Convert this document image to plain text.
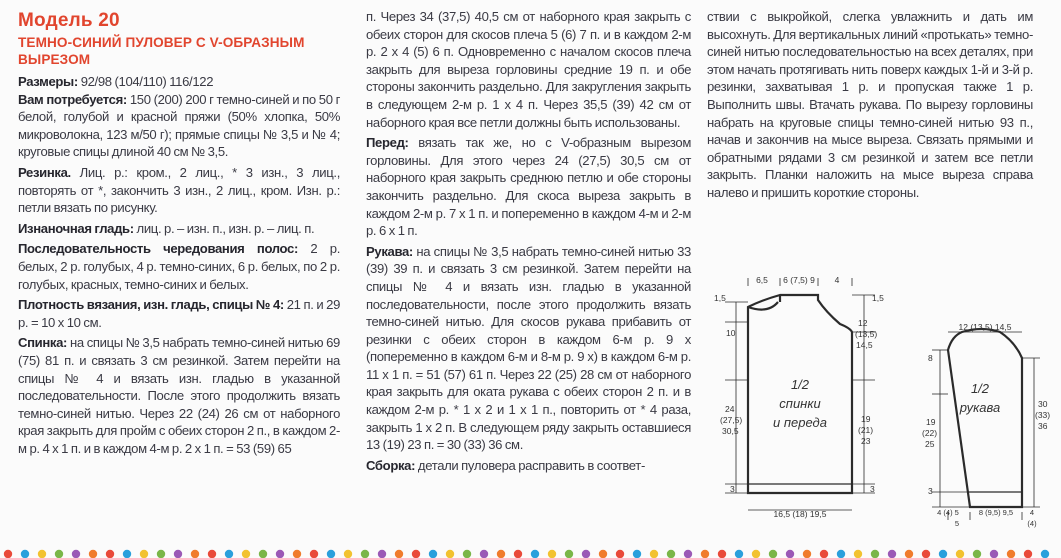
Модель 20
ТЕМНО-СИНИЙ ПУЛОВЕР С V-ОБРАЗНЫМ ВЫРЕЗОМ
Размеры: 92/98 (104/110) 116/122
Вам потребуется: 150 (200) 200 г темно-синей и по 50 г белой, голубой и красной пряжи (50% хлопка, 50% микроволокна, 123 м/50 г); прямые спицы № 3,5 и № 4; круговые спицы длиной 40 см № 3,5.
Резинка. Лиц. р.: кром., 2 лиц., * 3 изн., 3 лиц., повторять от *, закончить 3 изн., 2 лиц., кром. Изн. р.: петли вязать по рисунку.
Изнаночная гладь: лиц. р. – изн. п., изн. р. – лиц. п.
Последовательность чередования полос: 2 р. белых, 2 р. голубых, 4 р. темно-синих, 6 р. белых, по 2 р. голубых, красных, темно-синих и белых.
Плотность вязания, изн. гладь, спицы № 4: 21 п. и 29 р. = 10 х 10 см.
Спинка: на спицы № 3,5 набрать темно-синей нитью 69 (75) 81 п. и связать 3 см резинкой. Затем перейти на спицы № 4 и вязать изн. гладью в указанной последовательности. После этого продолжить вязать темно-синей нитью. Через 22 (24) 26 см от наборного края закрыть для пройм с обеих сторон 2 п., в каждом 2-м р. 4 х 1 п. и в каждом 4-м р. 2 х 1 п. = 53 (59) 65
п. Через 34 (37,5) 40,5 см от наборного края закрыть с обеих сторон для скосов плеча 5 (6) 7 п. и в каждом 2-м р. 2 х 4 (5) 6 п. Одновременно с началом скосов плеча закрыть для выреза горловины средние 19 п. и обе стороны закончить раздельно. Для закругления закрыть в следующем 2-м р. 1 х 4 п. Через 35,5 (39) 42 см от наборного края все петли должны быть использованы.
Перед: вязать так же, но с V-образным вырезом горловины. Для этого через 24 (27,5) 30,5 см от наборного края закрыть среднюю петлю и обе стороны закончить раздельно. Для скоса выреза закрыть в каждом 2-м р. 7 х 1 п. и попеременно в каждом 4-м и 2-м р. 6 х 1 п.
Рукава: на спицы № 3,5 набрать темно-синей нитью 33 (39) 39 п. и связать 3 см резинкой. Затем перейти на спицы № 4 и вязать изн. гладью в указанной последовательности, после этого продолжить вязать темно-синей нитью. Для скосов рукава прибавить от резинки с обеих сторон в каждом 6-м р. 9 х (попеременно в каждом 6-м и 8-м р. 9 х) в каждом 6-м р. 11 х 1 п. = 51 (57) 61 п. Через 22 (25) 28 см от наборного края закрыть для оката рукава с обеих сторон 2 п. и в каждом 2-м р. * 1 х 2 и 1 х 1 п., повторить от * 4 раза, закрыть 1 х 2 п. В следующем ряду закрыть оставшиеся 13 (19) 23 п. = 30 (33) 36 см.
Сборка: детали пуловера расправить в соответ-
ствии с выкройкой, слегка увлажнить и дать им высохнуть. Для вертикальных линий «протькать» темно-синей нитью последовательностью на всех деталях, при этом начать протягивать нить поверх каждых 1-й и 3-й р. резинки, захватывая 1 р. и пропуская также 1 р. Выполнить швы. Втачать рукава. По вырезу горловины набрать на круговые спицы темно-синей нитью 93 п., начав и закончив на мысе выреза. Связать прямыми и обратными рядами 3 см резинкой и затем все петли закрыть. Планки наложить на мысе выреза справа налево и пришить короткие стороны.
1/2
спинки
и переда
6,5 6 (7,5) 9 4
1,5	1,5
10
24
(27,5)
30,5
12
(13,5)
14,5
19
(21)
23
3	3
16,5 (18) 19,5
1/2
рукава
12 (13,5) 14,5
8
19
(22)
25
30
(33)
36
3
4 (4) 5	8 (9,5) 9,5
5
4
(4)
